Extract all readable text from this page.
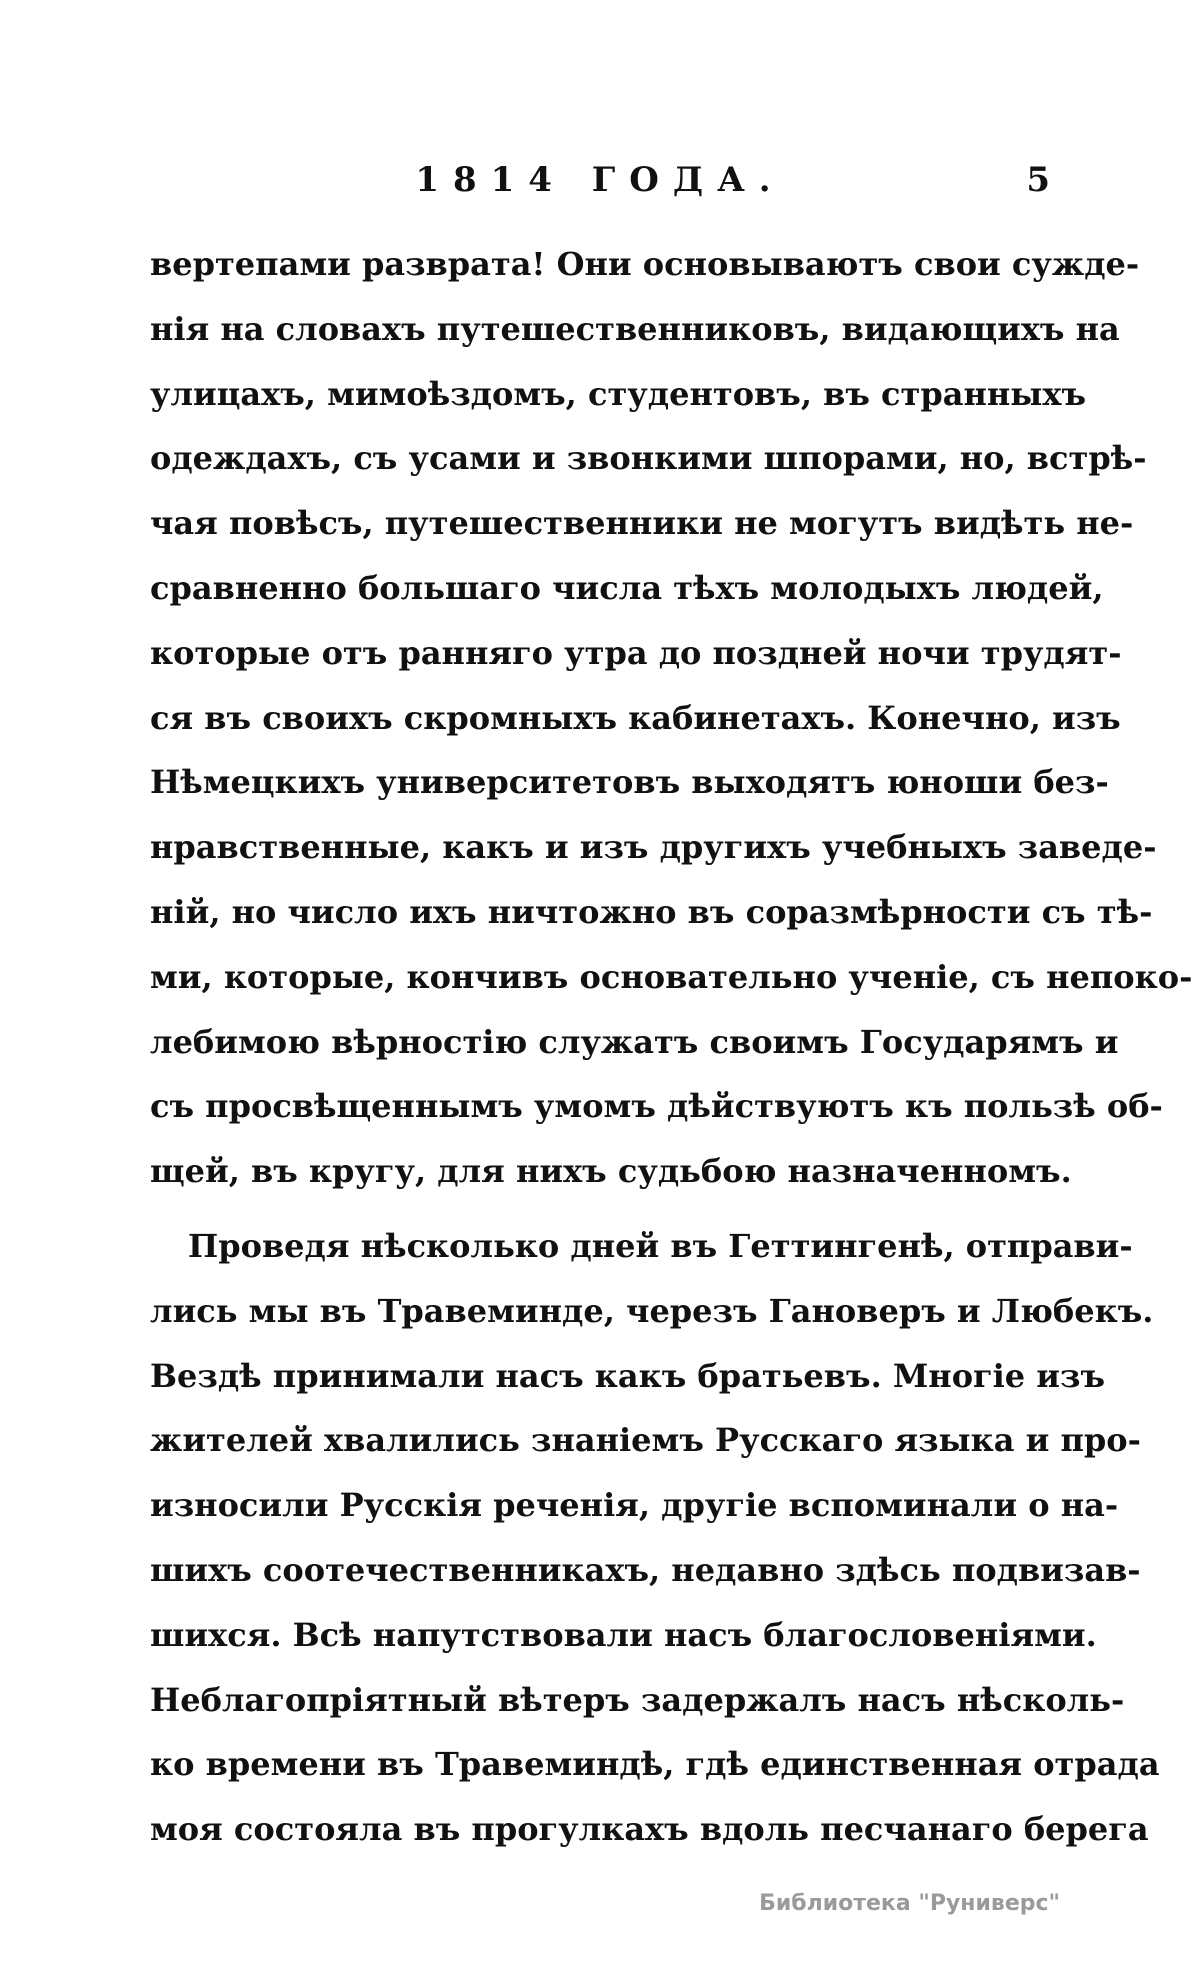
1814 ГОДА.	5
вертепами разврата! Они основываютъ свои сужде-
нія на словахъ путешественниковъ, видающихъ на
улицахъ, мимоѣздомъ, студентовъ, въ странныхъ
одеждахъ, съ усами и звонкими шпорами, но, встрѣ-
чая повѣсъ, путешественники не могутъ видѣть не-
сравненно большаго числа тѣхъ молодыхъ людей,
которые отъ ранняго утра до поздней ночи трудят-
ся въ своихъ скромныхъ кабинетахъ. Конечно, изъ
Нѣмецкихъ университетовъ выходятъ юноши без-
нравственные, какъ и изъ другихъ учебныхъ заведе-
ній, но число ихъ ничтожно въ соразмѣрности съ тѣ-
ми, которые, кончивъ основательно ученіе, съ непоко-
лебимою вѣрностію служатъ своимъ Государямъ и
съ просвѣщеннымъ умомъ дѣйствуютъ къ пользѣ об-
щей, въ кругу, для нихъ судьбою назначенномъ.
Проведя нѣсколько дней въ Геттингенѣ, отправи-
лись мы въ Травеминде, черезъ Гановеръ и Любекъ.
Вездѣ принимали насъ какъ братьевъ. Многіе изъ
жителей хвалились знаніемъ Русскаго языка и про-
износили Русскія реченія, другіе вспоминали о на-
шихъ соотечественникахъ, недавно здѣсь подвизав-
шихся. Всѣ напутствовали насъ благословеніями.
Неблагопріятный вѣтеръ задержалъ насъ нѣсколь-
ко времени въ Травеминдѣ, гдѣ единственная отрада
моя состояла въ прогулкахъ вдоль песчанаго берега
Библиотека "Руниверс"
